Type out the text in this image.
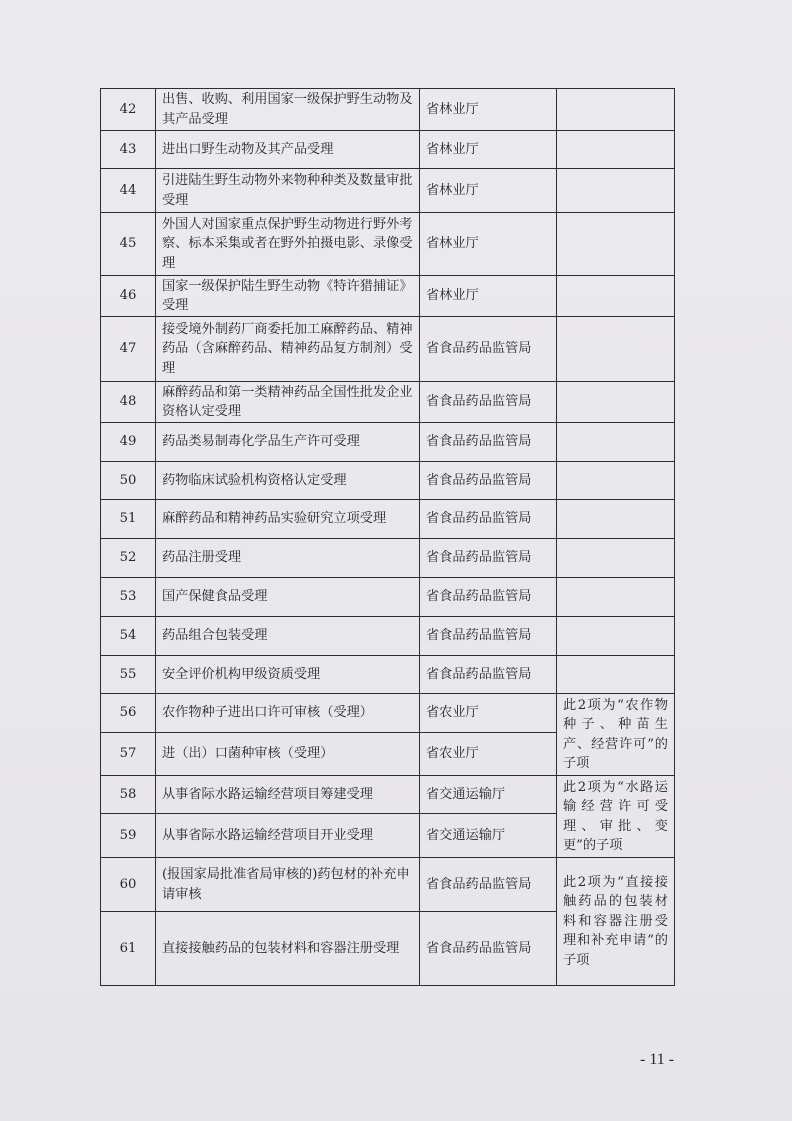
42	出售、收购、利用国家一级保护野生动物及其产品受理	省林业厅	
43	进出口野生动物及其产品受理	省林业厅	
44	引进陆生野生动物外来物种种类及数量审批受理	省林业厅	
45	外国人对国家重点保护野生动物进行野外考察、标本采集或者在野外拍摄电影、录像受理	省林业厅	
46	国家一级保护陆生野生动物《特许猎捕证》受理	省林业厅	
47	接受境外制药厂商委托加工麻醉药品、精神药品（含麻醉药品、精神药品复方制剂）受理	省食品药品监管局	
48	麻醉药品和第一类精神药品全国性批发企业资格认定受理	省食品药品监管局	
49	药品类易制毒化学品生产许可受理	省食品药品监管局	
50	药物临床试验机构资格认定受理	省食品药品监管局	
51	麻醉药品和精神药品实验研究立项受理	省食品药品监管局	
52	药品注册受理	省食品药品监管局	
53	国产保健食品受理	省食品药品监管局	
54	药品组合包装受理	省食品药品监管局	
55	安全评价机构甲级资质受理	省食品药品监管局	
56	农作物种子进出口许可审核（受理）	省农业厅	此2项为“农作物种子、种苗生产、经营许可”的子项
57	进（出）口菌种审核（受理）	省农业厅	
58	从事省际水路运输经营项目筹建受理	省交通运输厅	此2项为“水路运输经营许可受理、审批、变更”的子项
59	从事省际水路运输经营项目开业受理	省交通运输厅	
60	(报国家局批准省局审核的)药包材的补充申请审核	省食品药品监管局	此2项为“直接接触药品的包装材料和容器注册受理和补充申请”的子项
61	直接接触药品的包装材料和容器注册受理	省食品药品监管局	
- 11 -
